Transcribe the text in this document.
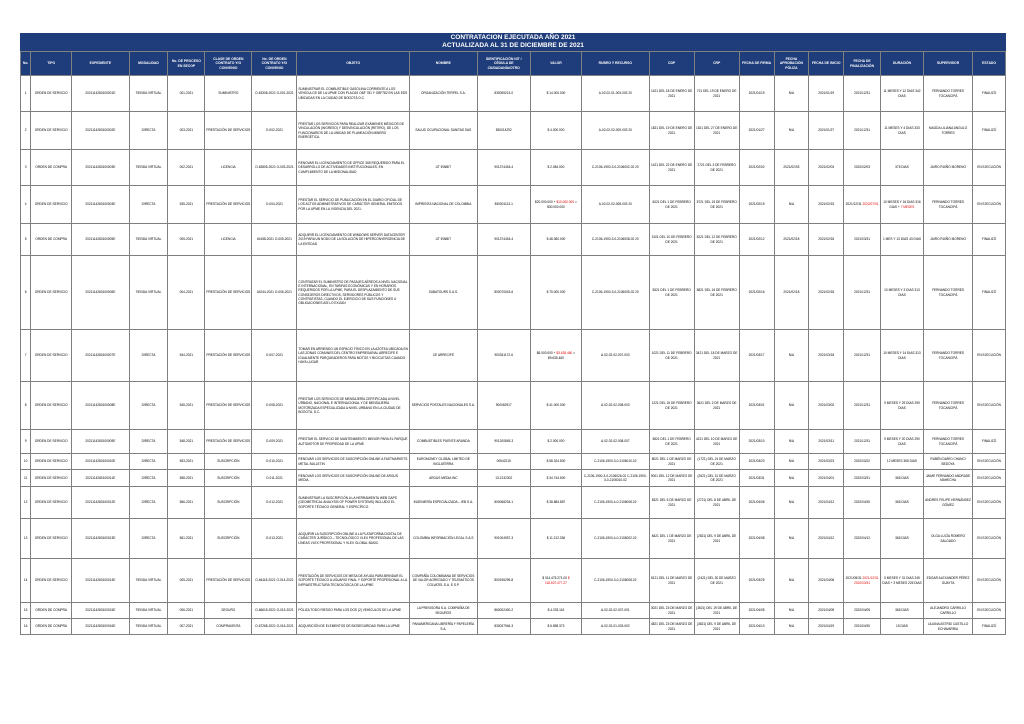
CONTRATACION EJECUTADA AÑO 2021
ACTUALIZADA AL 31 DE DICIEMBRE DE 2021
No.	TIPO	EXPEDIENTE	MODALIDAD	No. DE PROCESO EN SECOP	CLASE DE ORDEN CONTRATO Y/O CONVENIO	No. DE ORDEN CONTRATO Y/O CONVENIO	OBJETO	NOMBRE	IDENTIFICACIÓN NIT / CÉDULA DE CIUDADANÍA/OTRO	VALOR	RUBRO Y RECURSO	CDP	CRP	FECHA DE FIRMA	FECHA APROBACIÓN PÓLIZA	FECHA DE INICIO	FECHA DE FINALIZACIÓN	DURACIÓN	SUPERVISOR	ESTADO
1	ORDEN DE SERVICIO	2021114280100001E	TIENDA VIRTUAL	001-2021	SUMINISTRO	O-63308-2021 O-001-2021	SUMINISTRAR EL COMBUSTIBLE GASOLINA CORRIENTE A LOS VEHÍCULOS DE LA UPME CON PLACAS OBF 781 Y OBF782 EN LAS EDS UBICADAS EN LA CIUDAD DE BOGOTÁ D.C.	ORGANIZACIÓN TERPEL S.A.	830095213-0	$ 14.000.000	A-02-02-01-003-003 20	1421 DEL 18 DE ENERO DE 2021	721 DEL 19 DE ENERO DE 2021	2021/01/19	N/A	2021/01/19	2021/12/31	11 MESES Y 12 DIAS 342 DIAS	FERNANDO TORRES TOCANCIPÁ	FINALIZÓ
2	ORDEN DE SERVICIO	2021114280100002E	DIRECTA	003-2021	PRESTACIÓN DE SERVICIOS	O-002-2021	PRESTAR LOS SERVICIOS PARA REALIZAR EXÁMENES MÉDICOS DE VINCULACIÓN (INGRESO) Y DESVINCULACIÓN (RETIRO), DE LOS FUNCIONARIOS DE LA UNIDAD DE PLANEACIÓN MINERO ENERGÉTICA.	SALUD OCUPACIONAL SANITAS SAS	830014292	$ 4.000.000	A-02-02-02-009-003 20	1821 DEL 19 DE ENERO DE 2021	1521 DEL 27 DE ENERO DE 2021	2021/01/27	N/A	2021/01/27	2021/12/31	11 MESES Y 4 DIAS 333 DIAS	MAGDA LILIANA ANGULO TORRES	FINALIZÓ
3	ORDEN DE COMPRA	2021114280100003E	TIENDA VIRTUAL	002-2021	LICENCIA	O-63805-2021 O-003-2021	RENOVAR EL LICENCIAMIENTO DE OFFICE 365 REQUERIDO PARA EL DESARROLLO DE ACTIVIDADES INSTITUCIONALES, EN CUMPLIMIENTO DE LA MISIONALIDAD	UT INNBIT	901374418-4	$ 2.084.000	C-2106-1900-3-0-2106002-02 20	1421 DEL 22 DE ENERO DE 2021	2721 DEL 3 DE FEBRERO DE 2021	2021/02/02	2021/02/03	2021/02/03	2022/02/03	375 DIAS	JAIRO RUIÑO MORENO	EN EJECUCIÓN
4	ORDEN DE SERVICIO	2021114280100004E	DIRECTA	535-2021	PRESTACIÓN DE SERVICIOS	O-004-2021	PRESTAR EL SERVICIO DE PUBLICACIÓN EN EL DIARIO OFICIAL DE LOS ACTOS ADMINISTRATIVOS DE CARÁCTER GENERAL EMITIDOS POR LA UPME EN LA VIGENCIA DEL 2021.	IMPRENTA NACIONAL DE COLOMBIA	830001113-1	$20.000.000 + $10.000.000 = $30.000.000	A-02-02-02-008-003 20	6021 DEL 1 DE FEBRERO DE 2021	5721 DEL 15 DE FEBRERO DE 2021	2021/02/15	N/A	2021/02/15	2021/12/31 2022/07/31	10 MESES Y 16 DIAS 316 DIAS + 7 MESES	FERNANDO TORRES TOCANCIPÁ	EN EJECUCIÓN
5	ORDEN DE COMPRA	2021114280100005E	TIENDA VIRTUAL	005-2021	LICENCIA	64158-2021 O-005-2021	ADQUIRIR EL LICENCIAMIENTO DE WINDOWS SERVER DATACENTER 2019 PARA UN NODO DE LA SOLUCIÓN DE HIPERCONVERGENCIA DE LA ENTIDAD	UT INNBIT	901374418-4	$ 48.360.000	C-2106-1900-3-0-2106008-02 20	3101 DEL 10 DE FEBRERO DE 2021	5221 DEL 12 DE FEBRERO DE 2021	2021/02/12	2021/02/18	2021/02/18	2021/03/31	1 MES Y 13 DIAS 43 DIAS	JAIRO RUIÑO MORENO	FINALIZÓ
6	ORDEN DE SERVICIO	2021114280100006E	TIENDA VIRTUAL	004-2021	PRESTACIÓN DE SERVICIOS	64244-2021 O-006-2021	CONTRATAR EL SUMINISTRO DE PASAJES AÉREOS A NIVEL NACIONAL E INTERNACIONAL, EN TARIFAS ECONÓMICAS Y EN HORARIOS REQUERIDOS POR LA UPME, PARA EL DESPLAZAMIENTO DE SUS CONSEJEROS DIRECTIVOS, SERVIDORES PÚBLICOS Y CONTRATISTAS, CUANDO EL EJERCICIO DE SUS FUNCIONES U OBLIGACIONES ASÍ LO EXIJAN	SUBATOURS S.A.S.	800070043-6	$ 75.000.000	C-2106-1900-3-0-2106005-02 20	5521 DEL 1 DE FEBRERO DE 2021	5821 DEL 16 DE FEBRERO DE 2021	2021/02/16	2021/02/18	2021/02/18	2021/12/31	10 MESES Y 3 DIAS 313 DIAS	FERNANDO TORRES TOCANCIPÁ	FINALIZÓ
7	ORDEN DE SERVICIO	2021114280100007E	DIRECTA	544-2021	PRESTACIÓN DE SERVICIOS	O-007-2021	TOMAR EN ARRIENDO UN ESPACIO FÍSICO EN LA AZOTEA UBICADA EN LAS ZONAS COMUNES DEL CENTRO EMPRESARIAL ARRECIFE E IGUALMENTE PARQUEADEROS PARA MOTOS Y BICICLETAS CUANDO HAYA LUGAR.	CE ARRECIFE	900341172-6	$6.000.000 + $3.635.460 = $9.635.460	A-02-02-02-007-003	1021 DEL 11 DE FEBRERO DE 2021	3421 DEL 18 DE MARZO DE 2021	2021/03/17	N/A	2021/03/18	2021/12/31	10 MESES Y 14 DIAS 313 DIAS	FERNANDO TORRES TOCANCIPÁ	EN EJECUCIÓN
8	ORDEN DE SERVICIO	2021114280100008E	DIRECTA	545-2021	PRESTACIÓN DE SERVICIOS	O-008-2021	PRESTAR LOS SERVICIOS DE MENSAJERÍA CERTIFICADA A NIVEL URBANO, NACIONAL E INTERNACIONAL Y DE MENSAJERÍA MOTORIZADA ESPECIALIZADA A NIVEL URBANO EN LA CIUDAD DE BOGOTÁ, D.C.	SERVICIOS POSTALES NACIONALES S.A.	900062917	$ 41.000.000	A-02-02-02-008-003	1221 DEL 15 DE FEBRERO DE 2021	3621 DEL 2 DE MARZO DE 2021	2021/03/01	N/A	2021/03/02	2021/12/31	9 MESES Y 29 DIAS 299 DIAS	FERNANDO TORRES TOCANCIPÁ	EN EJECUCIÓN
9	ORDEN DE SERVICIO	2021114280100009E	DIRECTA	548-2021	PRESTACIÓN DE SERVICIOS	O-009-2021	PRESTAR EL SERVICIO DE MANTENIMIENTO MENOR PARA EL PARQUE AUTOMOTOR DE PROPIEDAD DE LA UPME	COMBUSTIBLES PUENTE ARANDA	901200845-3	$ 2.000.000	A-02-02-02-008-007	5821 DEL 1 DE FEBRERO DE 2021	4221 DEL 10 DE MARZO DE 2021	2021/03/10	N/A	2021/03/11	2021/12/31	9 MESES Y 20 DIAS 290 DIAS	FERNANDO TORRES TOCANCIPÁ	FINALIZÓ
10	ORDEN DE SERVICIO	2021114280100010E	DIRECTA	553-2021	SUSCRIPCIÓN	O-010-2021	RENOVAR LOS SERVICIOS DE SUSCRIPCIÓN ONLINE A FASTMARKETS METAL BULLETIN	EUROMONEY GLOBAL LIMITED DE INGLATERRA	00542215	$ 58.324.500	C-2106-1900-3-0-2106010-02	8021 DEL 1 DE MARZO DE 2021	(1721) DEL 24 DE MARZO DE 2021	2021/03/23	N/A	2021/03/23	2022/03/22	12 MESES 365 DIAS	RUBÉN DARÍO CHANCI BEDOYA	EN EJECUCIÓN
11	ORDEN DE SERVICIO	2021114280100011E	DIRECTA	558-2021	SUSCRIPCIÓN	O-011-2021	RENOVAR LOS SERVICIOS DE SUSCRIPCIÓN ONLINE DE ARGUS MEDIA.	ARGUS MEDIA INC	13-2132302	$ 34.744.500	C-2106-1900-3-0-2106026-02 C-2106-1900-3-0-2106010-02	9001 DEL 12 DE MARZO DE 2021	(2621) DEL 31 DE MARZO DE 2021	2021/03/31	N/A	2021/04/01	2022/03/31	365 DIAS	JAIME FERNANDO ANDRADE MAHECHA	EN EJECUCIÓN
12	ORDEN DE SERVICIO	2021114280100012E	DIRECTA	566-2021	SUSCRIPCIÓN	O-012-2021	SUMINISTRAR LA SUSCRIPCIÓN A LA HERRAMIENTA WEB GAPS (GEOMETRICAL ANALYSIS OF POWER SYSTEMS) INCLUIDO EL SOPORTE TÉCNICO GENERAL Y ESPECÍFICO.	INGENIERÍA ESPECIALIZADA – IEB S.A.	800068234-1	$ 38.884.887	C-2106-1900-4-0-2106008-02	8321 DEL 5 DE MARZO DE 2021	(2721) DEL 8 DE ABRIL DE 2021	2021/04/06	N/A	2021/04/12	2022/04/30	365 DIAS	ANDRES FELIPE HERNÁNDEZ GÓMEZ	EN EJECUCIÓN
13	ORDEN DE SERVICIO	2021114280100013E	DIRECTA	561-2021	SUSCRIPCIÓN	O-013-2021	ADQUIRIR LA SUSCRIPCIÓN ONLINE A LA PLATAFORMA DIGITAL DE CARÁCTER JURÍDICO – TECNOLÓGICO VLEX PROFESIONAL DE LAS LÍNEAS VLEX PROFESIONAL Y VLEX GLOBAL BASIC.	COLOMBIA INFORMACIÓN LEGAL S.A.S	901004957-3	$ 11.212.336	C-2106-1900-4-0-2106002-02	8421 DEL 1 DE MARZO DE 2021	(2821) DEL 9 DE ABRIL DE 2021	2021/04/08	N/A	2021/04/12	2022/04/12	365 DIAS	OLGA LUCÍA ROMERO SALGADO	EN EJECUCIÓN
14	ORDEN DE SERVICIO	2021114280100014E	TIENDA VIRTUAL	005-2021	PRESTACIÓN DE SERVICIOS	O-66118-2021 O-014-2021	PRESTACIÓN DE SERVICIOS DE MESA DE AYUDA PARA BRINDAR EL SOPORTE TÉCNICO A USUARIO FINAL Y SOPORTE PROFESIONAL A LA INFRAESTRUCTURA TECNOLÓGICA DE LA UPME	COMPAÑÍA COLOMBIANA DE SERVICIOS DE VALOR AGREGADO Y TELEMÁTICOS COLVATEL S.A. E.S.P.	800196299-8	$ 314.475.271,00 $ 118.607.477,27	C-2106-1900-3-0-2106008-02	8121 DEL 11 DE MARZO DE 2021	(2421) DEL 30 DE MARZO DE 2021	2021/03/25	N/A	2021/04/06	2021/05/31 2021/12/31 2022/03/31	5 MESES Y 31 DIAS 245 DIAS + 3 MESES 225 DIAS	EDGAR ALEXANDER PÉREZ GUAYTA	EN EJECUCIÓN
15	ORDEN DE COMPRA	2021114280100015E	TIENDA VIRTUAL	006-2021	SEGURO	O-66615-2021 O-015-2021	PÓLIZA TODO RIESGO PARA LOS DOS (2) VEHÍCULOS DE LA UPME	LA PREVISORA S.A. COMPAÑÍA DE SEGUROS	860002400-2	$ 4.033.116	A-02-02-02-007-001	3021 DEL 23 DE MARZO DE 2021	(3621) DEL 19 DE ABRIL DE 2021	2021/04/05	N/A	2021/04/05	2022/04/05	365 DIAS	ALEJANDRO CARRILLO CARRILLO	EN EJECUCIÓN
16	ORDEN DE COMPRA	2021114280100016E	TIENDA VIRTUAL	007-2021	COMPRAVENTA	O-67268-2021 O-016-2021	ADQUISICIÓN DE ELEMENTOS DE BIOSEGURIDAD PARA LA UPME	PANAMERICANA LIBRERÍA Y PAPELERÍA S.A.	830037946-3	$ 6.898.373	A-02-02-01-003-002	4821 DEL 23 DE MARZO DE 2021	(3821) DEL 9 DE ABRIL DE 2021	2021/04/13	N/A	2021/04/19	2021/04/30	15 DIAS	LILIANA ASTRID CASTILLO ECHAVARRIA	FINALIZÓ
